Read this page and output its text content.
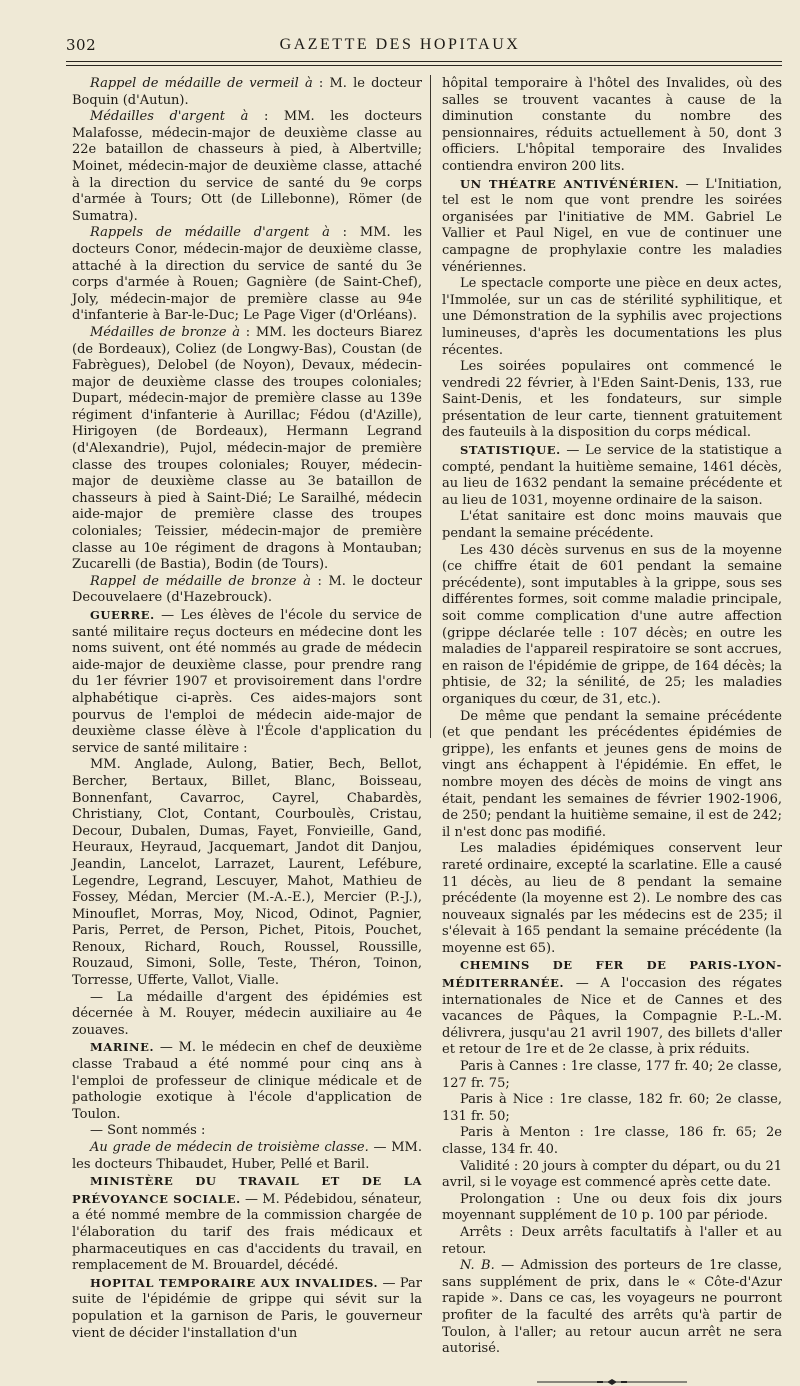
302	GAZETTE DES HOPITAUX

Rappel de médaille de vermeil à : M. le docteur Boquin (d'Autun).

Médailles d'argent à : MM. les docteurs Malafosse, médecin-major de deuxième classe au 22e bataillon de chasseurs à pied, à Albertville; Moinet, médecin-major de deuxième classe, attaché à la direction du service de santé du 9e corps d'armée à Tours; Ott (de Lillebonne), Römer (de Sumatra).

Rappels de médaille d'argent à : MM. les docteurs Conor, médecin-major de deuxième classe, attaché à la direction du service de santé du 3e corps d'armée à Rouen; Gagnière (de Saint-Chef), Joly, médecin-major de première classe au 94e d'infanterie à Bar-le-Duc; Le Page Viger (d'Orléans).

Médailles de bronze à : MM. les docteurs Biarez (de Bordeaux), Coliez (de Longwy-Bas), Coustan (de Fabrègues), Delobel (de Noyon), Devaux, médecin-major de deuxième classe des troupes coloniales; Dupart, médecin-major de première classe au 139e régiment d'infanterie à Aurillac; Fédou (d'Azille), Hirigoyen (de Bordeaux), Hermann Legrand (d'Alexandrie), Pujol, médecin-major de première classe des troupes coloniales; Rouyer, médecin-major de deuxième classe au 3e bataillon de chasseurs à pied à Saint-Dié; Le Sarailhé, médecin aide-major de première classe des troupes coloniales; Teissier, médecin-major de première classe au 10e régiment de dragons à Montauban; Zucarelli (de Bastia), Bodin (de Tours).

Rappel de médaille de bronze à : M. le docteur Decouvelaere (d'Hazebrouck).

GUERRE. — Les élèves de l'école du service de santé militaire reçus docteurs en médecine dont les noms suivent, ont été nommés au grade de médecin aide-major de deuxième classe, pour prendre rang du 1er février 1907 et provisoirement dans l'ordre alphabétique ci-après. Ces aides-majors sont pourvus de l'emploi de médecin aide-major de deuxième classe élève à l'École d'application du service de santé militaire :

MM. Anglade, Aulong, Batier, Bech, Bellot, Bercher, Bertaux, Billet, Blanc, Boisseau, Bonnenfant, Cavarroc, Cayrel, Chabardès, Christiany, Clot, Contant, Courboulès, Cristau, Decour, Dubalen, Dumas, Fayet, Fonvieille, Gand, Heuraux, Heyraud, Jacquemart, Jandot dit Danjou, Jeandin, Lancelot, Larrazet, Laurent, Lefébure, Legendre, Legrand, Lescuyer, Mahot, Mathieu de Fossey, Médan, Mercier (M.-A.-E.), Mercier (P.-J.), Minouflet, Morras, Moy, Nicod, Odinot, Pagnier, Paris, Perret, de Person, Pichet, Pitois, Pouchet, Renoux, Richard, Rouch, Roussel, Roussille, Rouzaud, Simoni, Solle, Teste, Théron, Toinon, Torresse, Ufferte, Vallot, Vialle.

— La médaille d'argent des épidémies est décernée à M. Rouyer, médecin auxiliaire au 4e zouaves.

MARINE. — M. le médecin en chef de deuxième classe Trabaud a été nommé pour cinq ans à l'emploi de professeur de clinique médicale et de pathologie exotique à l'école d'application de Toulon.

— Sont nommés :

Au grade de médecin de troisième classe. — MM. les docteurs Thibaudet, Huber, Pellé et Baril.

MINISTÈRE DU TRAVAIL ET DE LA PRÉVOYANCE SOCIALE. — M. Pédebidou, sénateur, a été nommé membre de la commission chargée de l'élaboration du tarif des frais médicaux et pharmaceutiques en cas d'accidents du travail, en remplacement de M. Brouardel, décédé.

HOPITAL TEMPORAIRE AUX INVALIDES. — Par suite de l'épidémie de grippe qui sévit sur la population et la garnison de Paris, le gouverneur vient de décider l'installation d'un

hôpital temporaire à l'hôtel des Invalides, où des salles se trouvent vacantes à cause de la diminution constante du nombre des pensionnaires, réduits actuellement à 50, dont 3 officiers. L'hôpital temporaire des Invalides contiendra environ 200 lits.

UN THÉATRE ANTIVÉNÉRIEN. — L'Initiation, tel est le nom que vont prendre les soirées organisées par l'initiative de MM. Gabriel Le Vallier et Paul Nigel, en vue de continuer une campagne de prophylaxie contre les maladies vénériennes.

Le spectacle comporte une pièce en deux actes, l'Immolée, sur un cas de stérilité syphilitique, et une Démonstration de la syphilis avec projections lumineuses, d'après les documentations les plus récentes.

Les soirées populaires ont commencé le vendredi 22 février, à l'Eden Saint-Denis, 133, rue Saint-Denis, et les fondateurs, sur simple présentation de leur carte, tiennent gratuitement des fauteuils à la disposition du corps médical.

STATISTIQUE. — Le service de la statistique a compté, pendant la huitième semaine, 1461 décès, au lieu de 1632 pendant la semaine précédente et au lieu de 1031, moyenne ordinaire de la saison.

L'état sanitaire est donc moins mauvais que pendant la semaine précédente.

Les 430 décès survenus en sus de la moyenne (ce chiffre était de 601 pendant la semaine précédente), sont imputables à la grippe, sous ses différentes formes, soit comme maladie principale, soit comme complication d'une autre affection (grippe déclarée telle : 107 décès; en outre les maladies de l'appareil respiratoire se sont accrues, en raison de l'épidémie de grippe, de 164 décès; la phtisie, de 32; la sénilité, de 25; les maladies organiques du cœur, de 31, etc.).

De même que pendant la semaine précédente (et que pendant les précédentes épidémies de grippe), les enfants et jeunes gens de moins de vingt ans échappent à l'épidémie. En effet, le nombre moyen des décès de moins de vingt ans était, pendant les semaines de février 1902-1906, de 250; pendant la huitième semaine, il est de 242; il n'est donc pas modifié.

Les maladies épidémiques conservent leur rareté ordinaire, excepté la scarlatine. Elle a causé 11 décès, au lieu de 8 pendant la semaine précédente (la moyenne est 2). Le nombre des cas nouveaux signalés par les médecins est de 235; il s'élevait à 165 pendant la semaine précédente (la moyenne est 65).

CHEMINS DE FER DE PARIS-LYON-MÉDITERRANÉE. — A l'occasion des régates internationales de Nice et de Cannes et des vacances de Pâques, la Compagnie P.-L.-M. délivrera, jusqu'au 21 avril 1907, des billets d'aller et retour de 1re et de 2e classe, à prix réduits.

Paris à Cannes : 1re classe, 177 fr. 40; 2e classe, 127 fr. 75;

Paris à Nice : 1re classe, 182 fr. 60; 2e classe, 131 fr. 50;

Paris à Menton : 1re classe, 186 fr. 65; 2e classe, 134 fr. 40.

Validité : 20 jours à compter du départ, ou du 21 avril, si le voyage est commencé après cette date.

Prolongation : Une ou deux fois dix jours moyennant supplément de 10 p. 100 par période.

Arrêts : Deux arrêts facultatifs à l'aller et au retour.

N. B. — Admission des porteurs de 1re classe, sans supplément de prix, dans le « Côte-d'Azur rapide ». Dans ce cas, les voyageurs ne pourront profiter de la faculté des arrêts qu'à partir de Toulon, à l'aller; au retour aucun arrêt ne sera autorisé.
